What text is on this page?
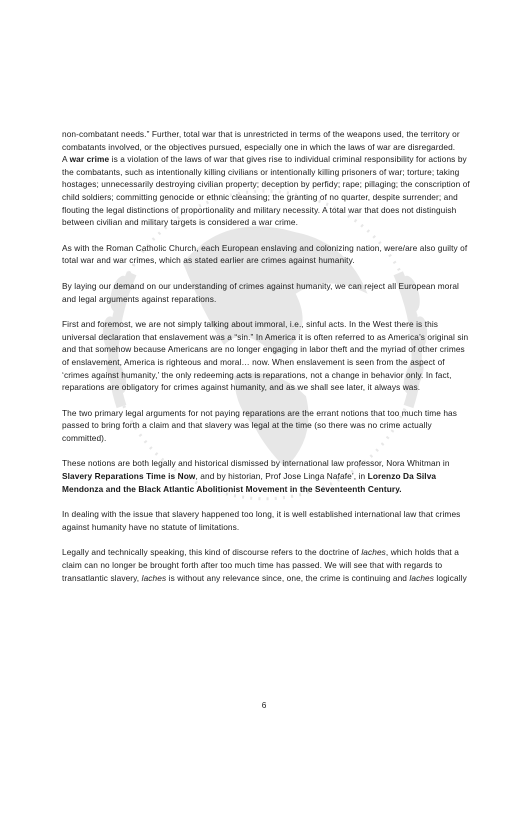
non-combatant needs.” Further, total war that is unrestricted in terms of the weapons used, the territory or combatants involved, or the objectives pursued, especially one in which the laws of war are disregarded.

A war crime is a violation of the laws of war that gives rise to individual criminal responsibility for actions by the combatants, such as intentionally killing civilians or intentionally killing prisoners of war; torture; taking hostages; unnecessarily destroying civilian property; deception by perfidy; rape; pillaging; the conscription of child soldiers; committing genocide or ethnic cleansing; the granting of no quarter, despite surrender; and flouting the legal distinctions of proportionality and military necessity. A total war that does not distinguish between civilian and military targets is considered a war crime.

As with the Roman Catholic Church, each European enslaving and colonizing nation, were/are also guilty of total war and war crimes, which as stated earlier are crimes against humanity.

By laying our demand on our understanding of crimes against humanity, we can reject all European moral and legal arguments against reparations.

First and foremost, we are not simply talking about immoral, i.e., sinful acts. In the West there is this universal declaration that enslavement was a “sin.” In America it is often referred to as America’s original sin and that somehow because Americans are no longer engaging in labor theft and the myriad of other crimes of enslavement, America is righteous and moral… now. When enslavement is seen from the aspect of ‘crimes against humanity,’ the only redeeming acts is reparations, not a change in behavior only. In fact, reparations are obligatory for crimes against humanity, and as we shall see later, it always was.

The two primary legal arguments for not paying reparations are the errant notions that too much time has passed to bring forth a claim and that slavery was legal at the time (so there was no crime actually committed).

These notions are both legally and historical dismissed by international law professor, Nora Whitman in Slavery Reparations Time is Now, and by historian, Prof Jose Linga Nafafe’, in Lorenzo Da Silva Mendonza and the Black Atlantic Abolitionist Movement in the Seventeenth Century.

In dealing with the issue that slavery happened too long, it is well established international law that crimes against humanity have no statute of limitations.

Legally and technically speaking, this kind of discourse refers to the doctrine of laches, which holds that a claim can no longer be brought forth after too much time has passed. We will see that with regards to transatlantic slavery, laches is without any relevance since, one, the crime is continuing and laches logically

6
